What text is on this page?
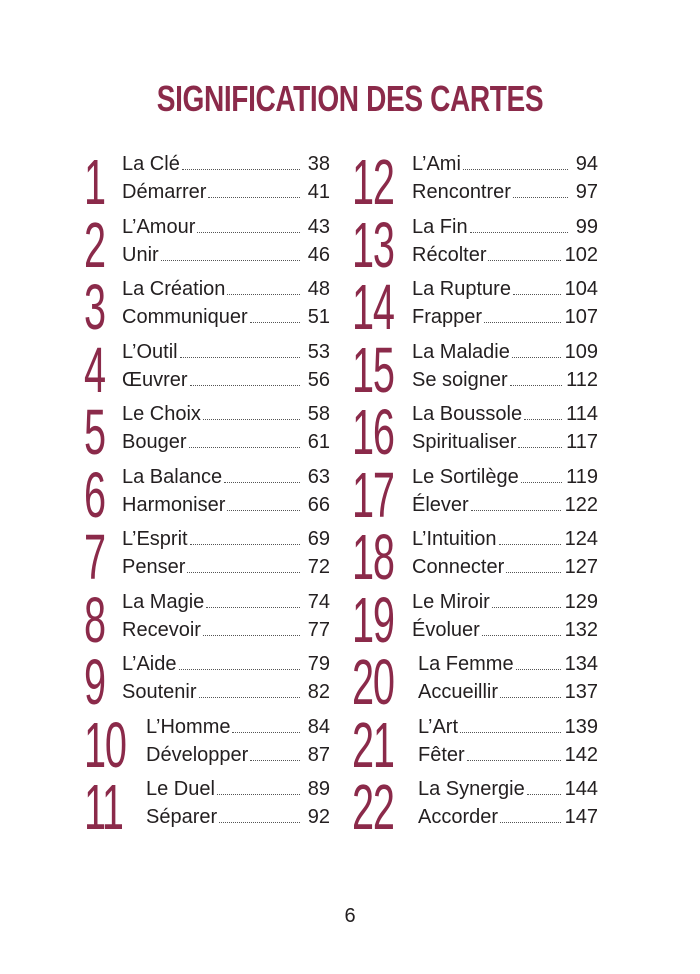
SIGNIFICATION DES CARTES
1 La Clé	38
Démarrer	41
2 L’Amour	43
Unir	46
3 La Création	48
Communiquer	51
4 L’Outil	53
Œuvrer	56
5 Le Choix	58
Bouger	61
6 La Balance	63
Harmoniser	66
7 L’Esprit	69
Penser	72
8 La Magie	74
Recevoir	77
9 L’Aide	79
Soutenir	82
10 L’Homme	84
Développer	87
11 Le Duel	89
Séparer	92
12 L’Ami	94
Rencontrer	97
13 La Fin	99
Récolter	102
14 La Rupture	104
Frapper	107
15 La Maladie	109
Se soigner	112
16 La Boussole 114
Spiritualiser 117
17 Le Sortilège 119
Élever	122
18 L’Intuition	124
Connecter	127
19 Le Miroir	129
Évoluer	132
20 La Femme	134
Accueillir	137
21 L’Art	139
Fêter	142
22 La Synergie 144
Accorder	147
6
